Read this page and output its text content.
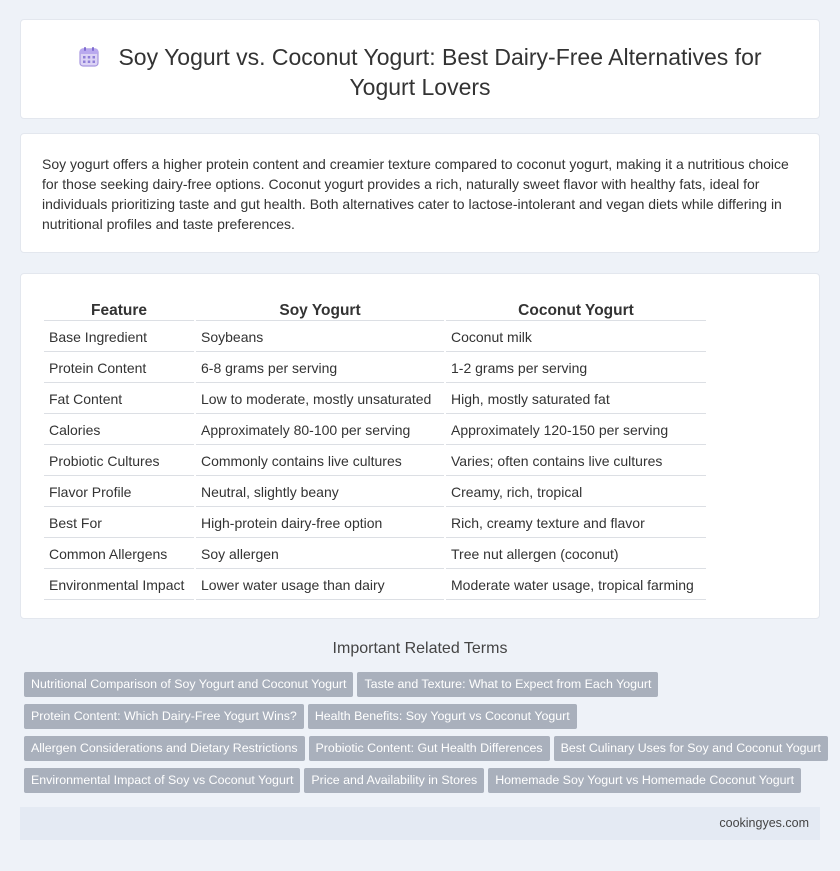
Soy Yogurt vs. Coconut Yogurt: Best Dairy-Free Alternatives for
Yogurt Lovers

Soy yogurt offers a higher protein content and creamier texture compared to coconut yogurt, making it a nutritious choice for those seeking dairy-free options. Coconut yogurt provides a rich, naturally sweet flavor with healthy fats, ideal for individuals prioritizing taste and gut health. Both alternatives cater to lactose-intolerant and vegan diets while differing in nutritional profiles and taste preferences.

Feature	Soy Yogurt	Coconut Yogurt
Base Ingredient	Soybeans	Coconut milk
Protein Content	6-8 grams per serving	1-2 grams per serving
Fat Content	Low to moderate, mostly unsaturated	High, mostly saturated fat
Calories	Approximately 80-100 per serving	Approximately 120-150 per serving
Probiotic Cultures	Commonly contains live cultures	Varies; often contains live cultures
Flavor Profile	Neutral, slightly beany	Creamy, rich, tropical
Best For	High-protein dairy-free option	Rich, creamy texture and flavor
Common Allergens	Soy allergen	Tree nut allergen (coconut)
Environmental Impact	Lower water usage than dairy	Moderate water usage, tropical farming
Important Related Terms
Nutritional Comparison of Soy Yogurt and Coconut Yogurt Taste and Texture: What to Expect from Each Yogurt
Protein Content: Which Dairy-Free Yogurt Wins? Health Benefits: Soy Yogurt vs Coconut Yogurt
Allergen Considerations and Dietary Restrictions Probiotic Content: Gut Health Differences Best Culinary Uses for Soy and Coconut Yogurt
Environmental Impact of Soy vs Coconut Yogurt Price and Availability in Stores Homemade Soy Yogurt vs Homemade Coconut Yogurt
cookingyes.com
